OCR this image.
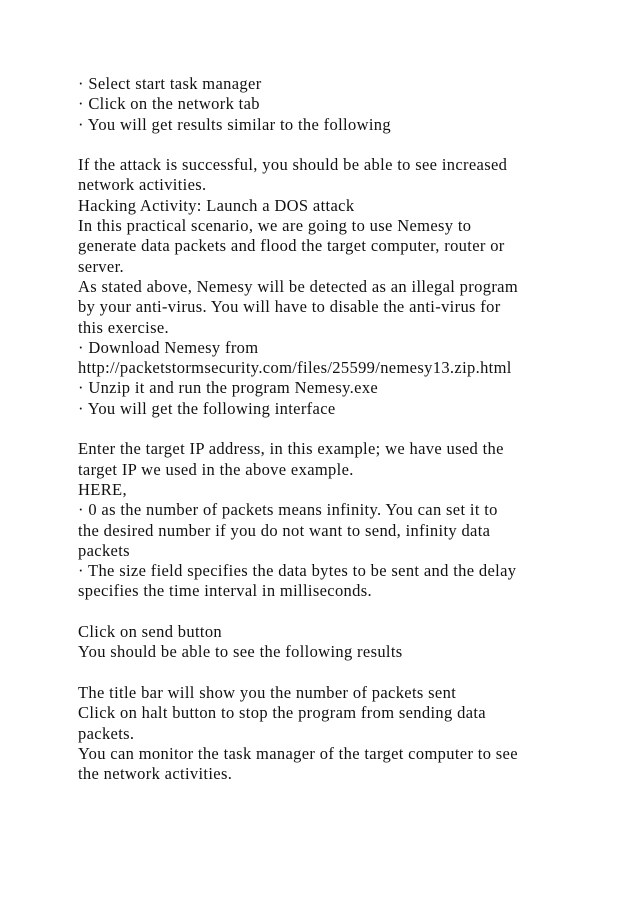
· Select start task manager
· Click on the network tab
· You will get results similar to the following
If the attack is successful, you should be able to see increased
network activities.
Hacking Activity: Launch a DOS attack
In this practical scenario, we are going to use Nemesy to
generate data packets and flood the target computer, router or
server.
As stated above, Nemesy will be detected as an illegal program
by your anti-virus. You will have to disable the anti-virus for
this exercise.
· Download Nemesy from
http://packetstormsecurity.com/files/25599/nemesy13.zip.html
· Unzip it and run the program Nemesy.exe
· You will get the following interface
Enter the target IP address, in this example; we have used the
target IP we used in the above example.
HERE,
· 0 as the number of packets means infinity. You can set it to
the desired number if you do not want to send, infinity data
packets
· The size field specifies the data bytes to be sent and the delay
specifies the time interval in milliseconds.
Click on send button
You should be able to see the following results
The title bar will show you the number of packets sent
Click on halt button to stop the program from sending data
packets.
You can monitor the task manager of the target computer to see
the network activities.
